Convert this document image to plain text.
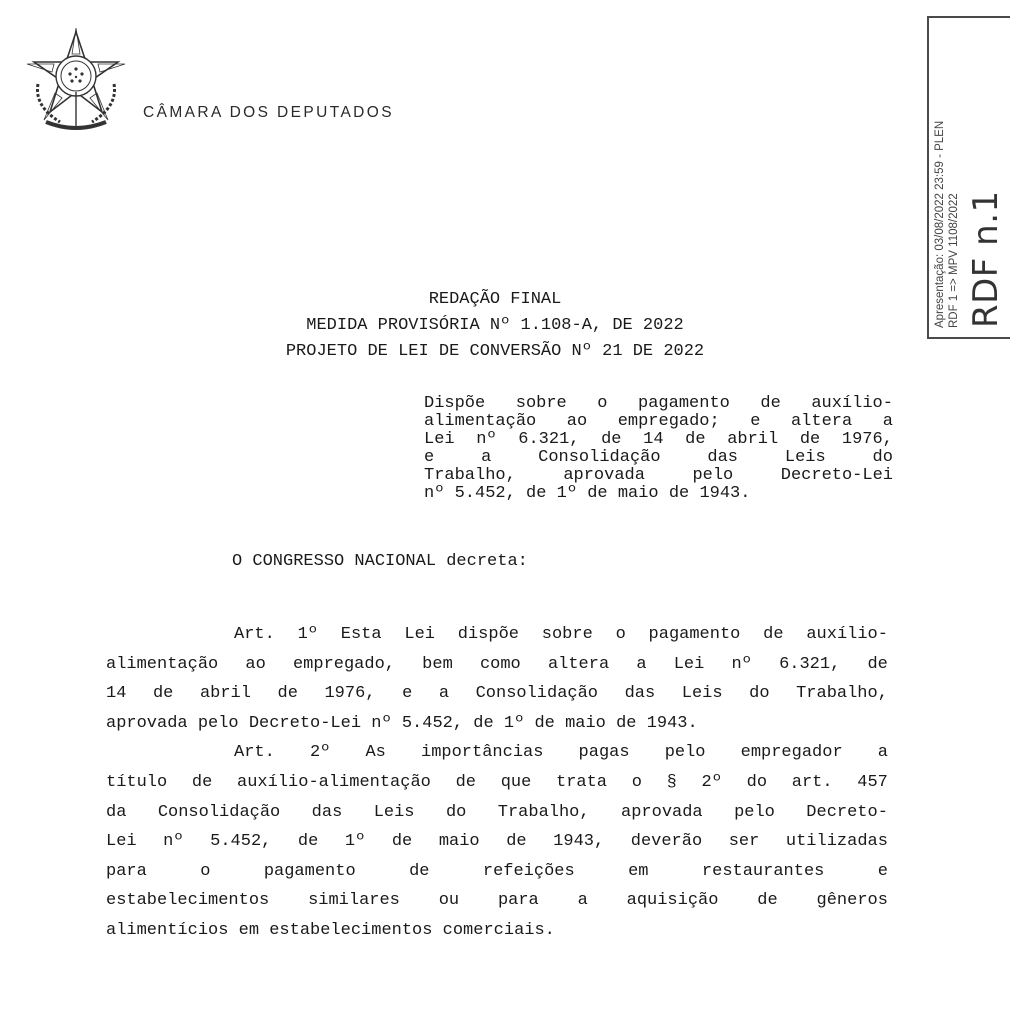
CÂMARA DOS DEPUTADOS
Apresentação: 03/08/2022 23:59 - PLEN RDF 1 => MPV 1108/2022 RDF n.1
REDAÇÃO FINAL
MEDIDA PROVISÓRIA Nº 1.108-A, DE 2022
PROJETO DE LEI DE CONVERSÃO Nº 21 DE 2022
Dispõe sobre o pagamento de auxílio-
alimentação ao empregado; e altera a
Lei nº 6.321, de 14 de abril de 1976,
e	a	Consolidação	das	Leis	do
Trabalho,	aprovada	pelo	Decreto-Lei
nº 5.452, de 1º de maio de 1943.
O CONGRESSO NACIONAL decreta:
Art. 1º Esta Lei dispõe sobre o pagamento de auxílio-
alimentação ao empregado, bem como altera a Lei nº 6.321, de
14 de abril de 1976, e a Consolidação das Leis do Trabalho,
aprovada pelo Decreto-Lei nº 5.452, de 1º de maio de 1943.
Art. 2º As importâncias pagas pelo empregador a
título de auxílio-alimentação de que trata o § 2º do art. 457
da Consolidação das Leis do Trabalho, aprovada pelo Decreto-
Lei nº 5.452, de 1º de maio de 1943, deverão ser utilizadas
para	o	pagamento	de	refeições	em	restaurantes	e
estabelecimentos similares ou para a aquisição de gêneros
alimentícios em estabelecimentos comerciais.
